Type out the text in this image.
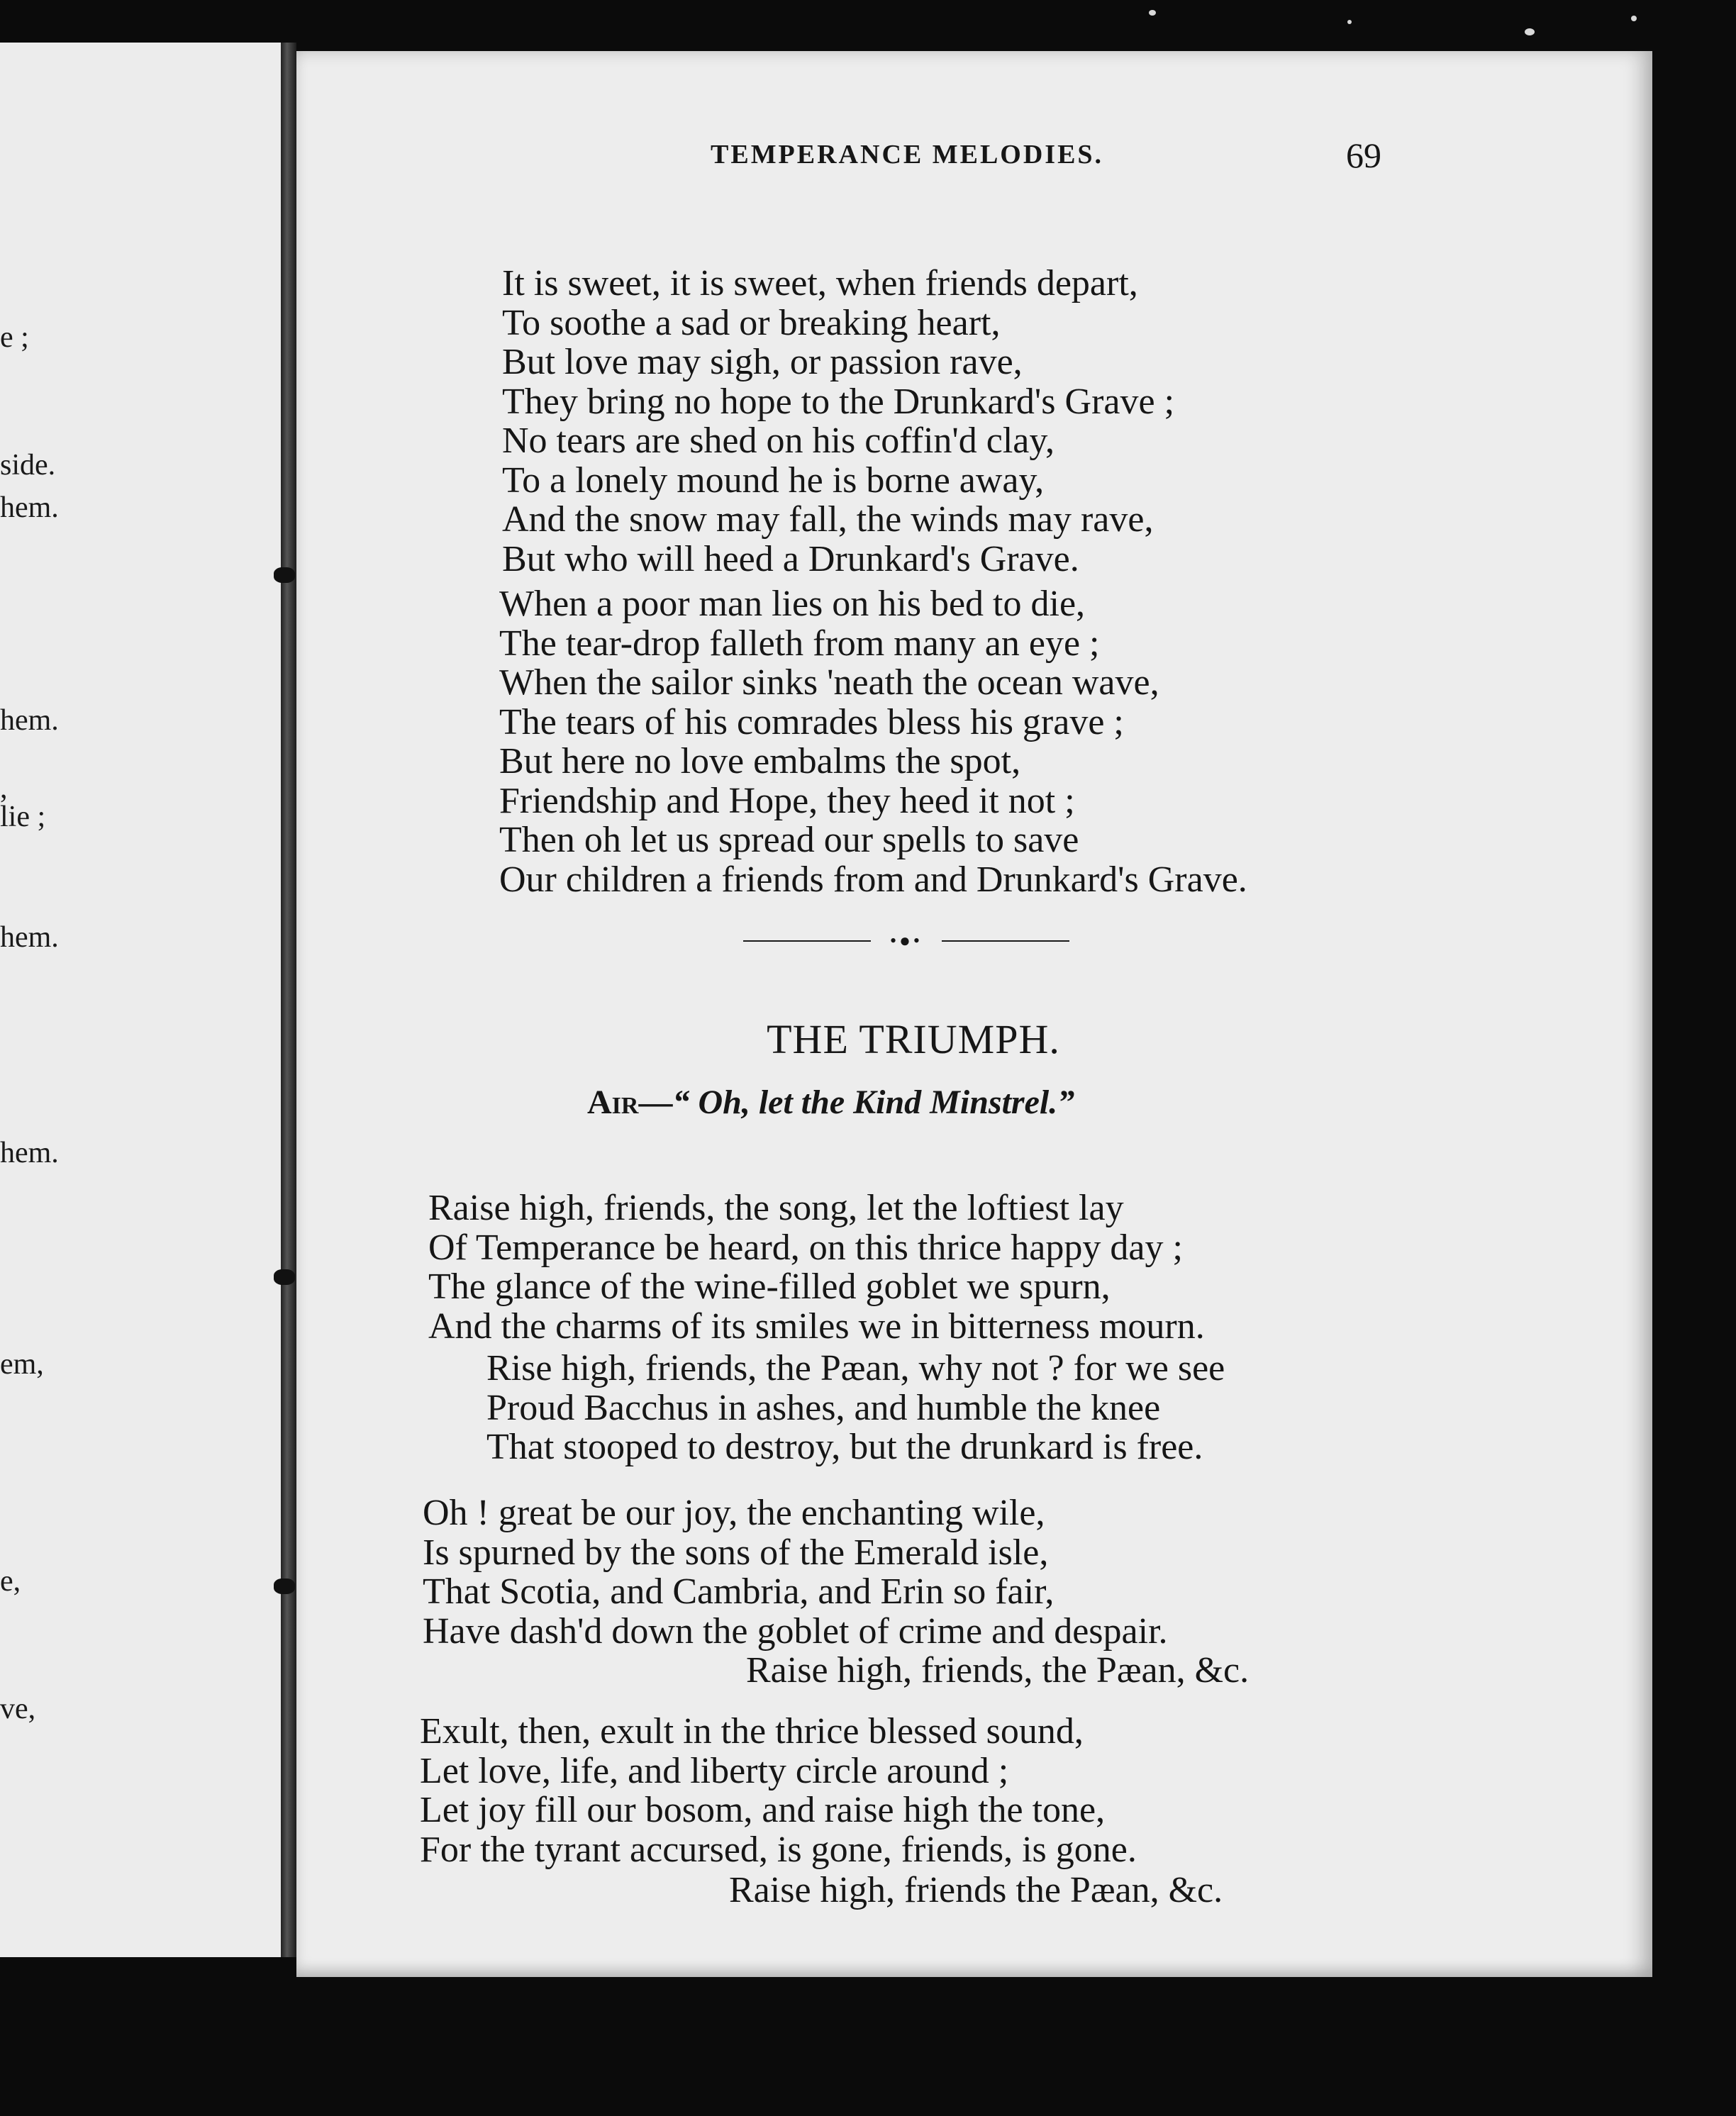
e ;
side.
hem.
hem.
,
lie ;
hem.
hem.
em,
e,
ve,
TEMPERANCE MELODIES.	69
It is sweet, it is sweet, when friends depart,
To soothe a sad or breaking heart,
But love may sigh, or passion rave,
They bring no hope to the Drunkard's Grave ;
No tears are shed on his coffin'd clay,
To a lonely mound he is borne away,
And the snow may fall, the winds may rave,
But who will heed a Drunkard's Grave.
When a poor man lies on his bed to die,
The tear-drop falleth from many an eye ;
When the sailor sinks 'neath the ocean wave,
The tears of his comrades bless his grave ;
But here no love embalms the spot,
Friendship and Hope, they heed it not ;
Then oh let us spread our spells to save
Our children a friends from and Drunkard's Grave.
•●•
THE TRIUMPH.
Air—“ Oh, let the Kind Minstrel.”
Raise high, friends, the song, let the loftiest lay
Of Temperance be heard, on this thrice happy day ;
The glance of the wine-filled goblet we spurn,
And the charms of its smiles we in bitterness mourn.
Rise high, friends, the Pæan, why not ? for we see
Proud Bacchus in ashes, and humble the knee
That stooped to destroy, but the drunkard is free.
Oh ! great be our joy, the enchanting wile,
Is spurned by the sons of the Emerald isle,
That Scotia, and Cambria, and Erin so fair,
Have dash'd down the goblet of crime and despair.
Raise high, friends, the Pæan, &c.
Exult, then, exult in the thrice blessed sound,
Let love, life, and liberty circle around ;
Let joy fill our bosom, and raise high the tone,
For the tyrant accursed, is gone, friends, is gone.
Raise high, friends the Pæan, &c.
